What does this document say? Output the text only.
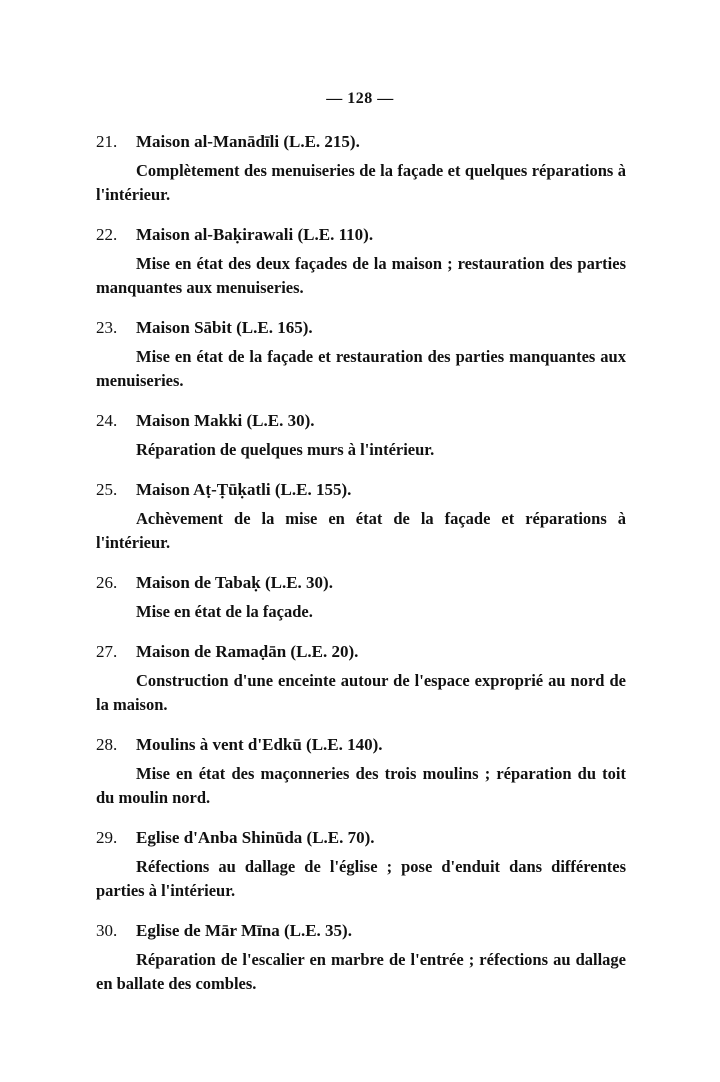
— 128 —
21. Maison al-Manādīli (L.E. 215).

Complètement des menuiseries de la façade et quelques réparations à l'intérieur.

22. Maison al-Baḳirawali (L.E. 110).

Mise en état des deux façades de la maison ; restauration des parties manquantes aux menuiseries.

23. Maison Sābit (L.E. 165).

Mise en état de la façade et restauration des parties manquantes aux menuiseries.

24. Maison Makki (L.E. 30).

Réparation de quelques murs à l'intérieur.

25. Maison Aṭ-Ṭūḳatli (L.E. 155).

Achèvement de la mise en état de la façade et réparations à l'intérieur.

26. Maison de Tabaḳ (L.E. 30).

Mise en état de la façade.

27. Maison de Ramaḍān (L.E. 20).

Construction d'une enceinte autour de l'espace exproprié au nord de la maison.

28. Moulins à vent d'Edkū (L.E. 140).

Mise en état des maçonneries des trois moulins ; réparation du toit du moulin nord.

29. Eglise d'Anba Shinūda (L.E. 70).

Réfections au dallage de l'église ; pose d'enduit dans différentes parties à l'intérieur.

30. Eglise de Mār Mīna (L.E. 35).

Réparation de l'escalier en marbre de l'entrée ; réfections au dallage en ballate des combles.
